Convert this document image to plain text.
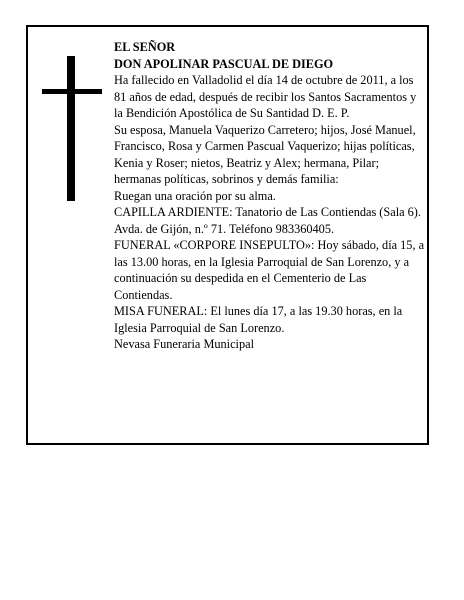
EL SEÑOR

DON APOLINAR PASCUAL DE DIEGO

Ha fallecido en Valladolid el día 14 de octubre de 2011, a los 81 años de edad, después de recibir los Santos Sacramentos y la Bendición Apostólica de Su Santidad D. E. P.

Su esposa, Manuela Vaquerizo Carretero; hijos, José Manuel, Francisco, Rosa y Carmen Pascual Vaquerizo; hijas políticas, Kenia y Roser; nietos, Beatriz y Alex; hermana, Pilar; hermanas políticas, sobrinos y demás familia:

Ruegan una oración por su alma.

CAPILLA ARDIENTE: Tanatorio de Las Contiendas (Sala 6). Avda. de Gijón, n.º 71. Teléfono 983360405.

FUNERAL «CORPORE INSEPULTO»: Hoy sábado, día 15, a las 13.00 horas, en la Iglesia Parroquial de San Lorenzo, y a continuación su despedida en el Cementerio de Las Contiendas.

MISA FUNERAL: El lunes día 17, a las 19.30 horas, en la Iglesia Parroquial de San Lorenzo.

Nevasa Funeraria Municipal
